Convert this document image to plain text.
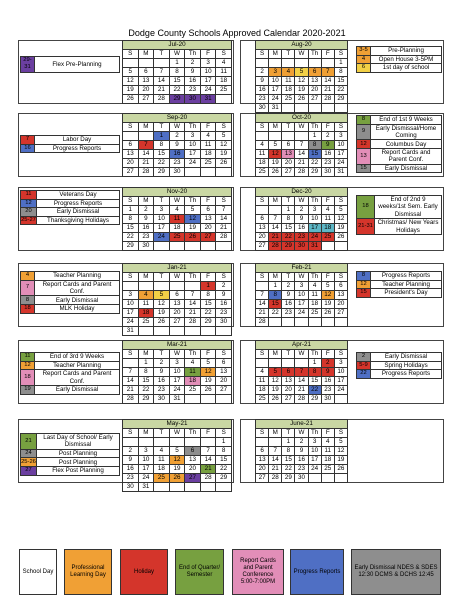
Dodge County Schools Approved Calendar 2020-2021
Jul-20						
S	M	T	W	Th	F	S
			1	2	3	4
5	6	7	8	9	10	11
12	13	14	15	16	17	18
19	20	21	22	23	24	25
26	27	28	29	30	31	
Aug-20						
S	M	T	W	Th	F	S
						1
2	3	4	5	6	7	8
9	10	11	12	13	14	15
16	17	18	19	20	21	22
23	24	25	26	27	28	29
30	31					
Sep-20						
S	M	T	W	Th	F	S
		1	2	3	4	5
6	7	8	9	10	11	12
13	14	15	16	17	18	19
20	21	22	23	24	25	26
27	28	29	30			
Oct-20						
S	M	T	W	Th	F	S
				1	2	3
4	5	6	7	8	9	10
11	12	13	14	15	16	17
18	19	20	21	22	23	24
25	26	27	28	29	30	31
Nov-20						
S	M	T	W	Th	F	S
1	2	3	4	5	6	7
8	9	10	11	12	13	14
15	16	17	18	19	20	21
22	23	24	25	26	27	28
29	30					
Dec-20						
S	M	T	W	Th	F	S
		1	2	3	4	5
6	7	8	9	10	11	12
13	14	15	16	17	18	19
20	21	22	23	24	25	26
27	28	29	30	31		
Jan-21						
S	M	T	W	Th	F	S
					1	2
3	4	5	6	7	8	9
10	11	12	13	14	15	16
17	18	19	20	21	22	23
24	25	26	27	28	29	30
31						
Feb-21						
S	M	T	W	Th	F	S
	1	2	3	4	5	6
7	8	9	10	11	12	13
14	15	16	17	18	19	20
21	22	23	24	25	26	27
28						
Mar-21						
S	M	T	W	Th	F	S
	1	2	3	4	5	6
7	8	9	10	11	12	13
14	15	16	17	18	19	20
21	22	23	24	25	26	27
28	29	30	31			
Apr-21						
S	M	T	W	Th	F	S
				1	2	3
4	5	6	7	8	9	10
11	12	13	14	15	16	17
18	19	20	21	22	23	24
25	26	27	28	29	30	
May-21						
S	M	T	W	Th	F	S
						1
2	3	4	5	6	7	8
9	10	11	12	13	14	15
16	17	18	19	20	21	22
23	24	25	26	27	28	29
30	31					
June-21						
S	M	T	W	Th	F	S
		1	2	3	4	5
6	7	8	9	10	11	12
13	14	15	16	17	18	19
20	21	22	23	24	25	26
27	28	29	30			
29-31	Flex Pre-Planning
3-5	Pre-Planning
4	Open House 3-5PM
6	1st day of school
7	Labor Day
16	Progress Reports
8	End of 1st 9 Weeks
9	Early Dismissal/Home Coming
12	Columbus Day
13	Report Cards and Parent Conf.
15	Early Dismissal
11	Veterans Day
12	Progress Reports
20	Early Dismissal
25-27	Thanksgiving Holidays
18	End of 2nd 9 weeks/1st Sem. Early Dismissal
21-31	Christmas/ New Years Holidays
4	Teacher Planning
7	Report Cards and Parent Conf.
8	Early Dismissal
18	MLK Holiday
8	Progress Reports
12	Teacher Planning
15	President's Day
11	End of 3rd 9 Weeks
12	Teacher Planning
18	Report Cards and Parent Conf.
19	Early Dismissal
2	Early Dismissal
5-9	Spring Holidays
22	Progress Reports
21	Last Day of School/ Early Dismissal
24	Post Planning
25-26	Post Planning
27	Flex Post Planning
School Day
Professional Learning Day
Holiday
End of Quarter/ Semester
Report Cards and Parent Conference 5:00-7:00PM
Progress Reports
Early Dismissal NDES & SDES 12:30 DCMS & DCHS 12:45
